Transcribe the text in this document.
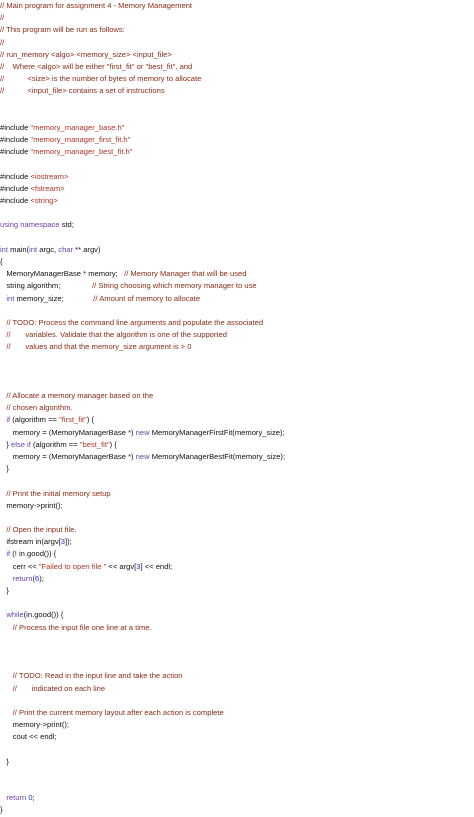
// Main program for assignment 4 - Memory Management
//
// This program will be run as follows:
//
// run_memory <algo> <memory_size> <input_file>
//    Where <algo> will be either "first_fit" or "best_fit", and
//           <size> is the number of bytes of memory to allocate
//           <input_file> contains a set of instructions
#include "memory_manager_base.h"
#include "memory_manager_first_fit.h"
#include "memory_manager_best_fit.h"
#include <iostream>
#include <fstream>
#include <string>
using namespace std;
int main(int argc, char ** argv)
{
MemoryManagerBase * memory;   // Memory Manager that will be used
string algorithm;               // String choosing which memory manager to use
int memory_size;              // Amount of memory to allocate
// TODO: Process the command line arguments and populate the associated
//       variables. Validate that the algorithm is one of the supported
//       values and that the memory_size argument is > 0
// Allocate a memory manager based on the
// chosen algorithm.
if (algorithm == "first_fit") {
memory = (MemoryManagerBase *) new MemoryManagerFirstFit(memory_size);
} else if (algorithm == "best_fit") {
memory = (MemoryManagerBase *) new MemoryManagerBestFit(memory_size);
}
// Print the initial memory setup
memory->print();
// Open the input file.
ifstream in(argv[3]);
if (! in.good()) {
cerr << "Failed to open file " << argv[3] << endl;
return(6);
}
while(in.good()) {
// Process the input file one line at a time.
// TODO: Read in the input line and take the action
//       indicated on each line
// Print the current memory layout after each action is complete
memory->print();
cout << endl;
}
return 0;
}
